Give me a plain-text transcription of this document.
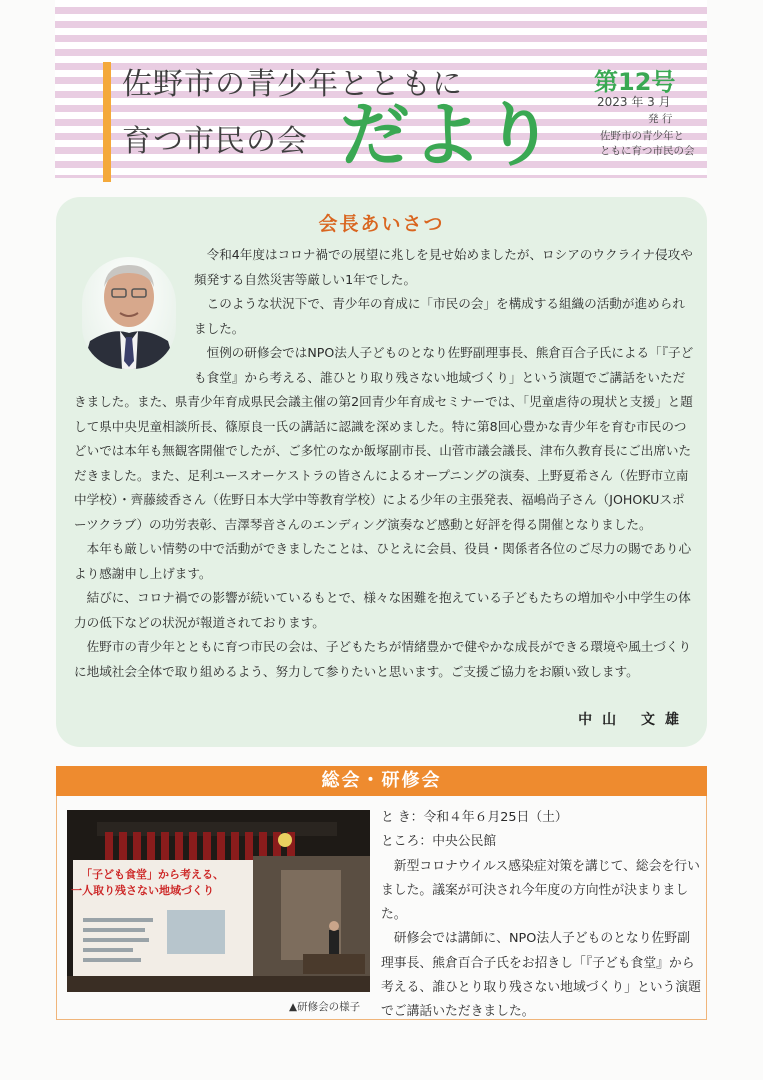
佐野市の青少年とともに
育つ市民の会 だより
第12号
2023 年 3 月
発 行
佐野市の青少年と
ともに育つ市民の会
会長あいさつ

令和4年度はコロナ禍での展望に兆しを見せ始めましたが、ロシアのウクライナ侵攻や頻発する自然災害等厳しい1年でした。

このような状況下で、青少年の育成に「市民の会」を構成する組織の活動が進められました。

恒例の研修会ではNPO法人子どものとなり佐野副理事長、熊倉百合子氏による「『子ども食堂』から考える、誰ひとり取り残さない地域づくり」という演題でご講話をいただきました。また、県青少年育成県民会議主催の第2回青少年育成セミナーでは、「児童虐待の現状と支援」と題して県中央児童相談所長、篠原良一氏の講話に認識を深めました。特に第8回心豊かな青少年を育む市民のつどいでは本年も無観客開催でしたが、ご多忙のなか飯塚副市長、山菅市議会議長、津布久教育長にご出席いただきました。また、足利ユースオーケストラの皆さんによるオープニングの演奏、上野夏希さん（佐野市立南中学校）・齊藤綾香さん（佐野日本大学中等教育学校）による少年の主張発表、福嶋尚子さん（JOHOKUスポーツクラブ）の功労表彰、吉澤琴音さんのエンディング演奏など感動と好評を得る開催となりました。

本年も厳しい情勢の中で活動ができましたことは、ひとえに会員、役員・関係者各位のご尽力の賜であり心より感謝申し上げます。

結びに、コロナ禍での影響が続いているもとで、様々な困難を抱えている子どもたちの増加や小中学生の体力の低下などの状況が報道されております。

佐野市の青少年とともに育つ市民の会は、子どもたちが情緒豊かで健やかな成長ができる環境や風土づくりに地域社会全体で取り組めるよう、努力して参りたいと思います。ご支援ご協力をお願い致します。

中山 文雄
総会・研修会
「子ども食堂」から考える、
一人取り残さない地域づくり
▲研修会の様子
と き：令和４年６月25日（土）
ところ：中央公民館

新型コロナウイルス感染症対策を講じて、総会を行いました。議案が可決され今年度の方向性が決まりました。

研修会では講師に、NPO法人子どものとなり佐野副理事長、熊倉百合子氏をお招きし「『子ども食堂』から考える、誰ひとり取り残さない地域づくり」という演題でご講話いただきました。
